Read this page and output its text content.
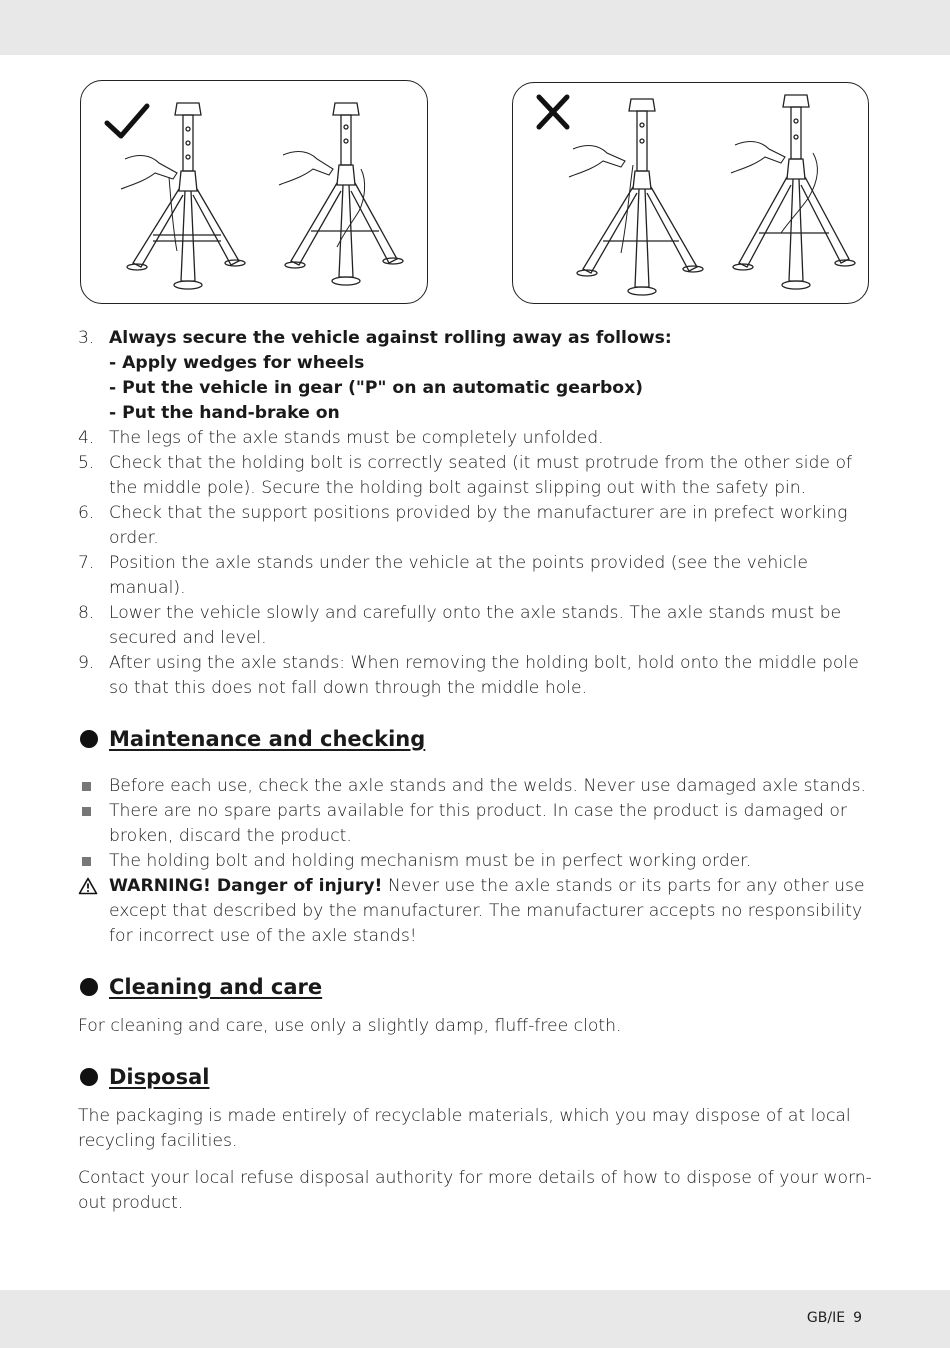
3. Always secure the vehicle against rolling away as follows:
- Apply wedges for wheels
- Put the vehicle in gear ("P" on an automatic gearbox)
- Put the hand-brake on
4. The legs of the axle stands must be completely unfolded.
5. Check that the holding bolt is correctly seated (it must protrude from the other side of the middle pole). Secure the holding bolt against slipping out with the safety pin.
6. Check that the support positions provided by the manufacturer are in prefect working order.
7. Position the axle stands under the vehicle at the points provided (see the vehicle manual).
8. Lower the vehicle slowly and carefully onto the axle stands. The axle stands must be secured and level.
9. After using the axle stands: When removing the holding bolt, hold onto the middle pole so that this does not fall down through the middle hole.
Maintenance and checking
Before each use, check the axle stands and the welds. Never use damaged axle stands.
There are no spare parts available for this product. In case the product is damaged or broken, discard the product.
The holding bolt and holding mechanism must be in perfect working order.
WARNING! Danger of injury! Never use the axle stands or its parts for any other use except that described by the manufacturer. The manufacturer accepts no responsibility for incorrect use of the axle stands!
Cleaning and care
For cleaning and care, use only a slightly damp, fluff-free cloth.
Disposal
The packaging is made entirely of recyclable materials, which you may dispose of at local recycling facilities.
Contact your local refuse disposal authority for more details of how to dispose of your worn-out product.
GB/IE 9
